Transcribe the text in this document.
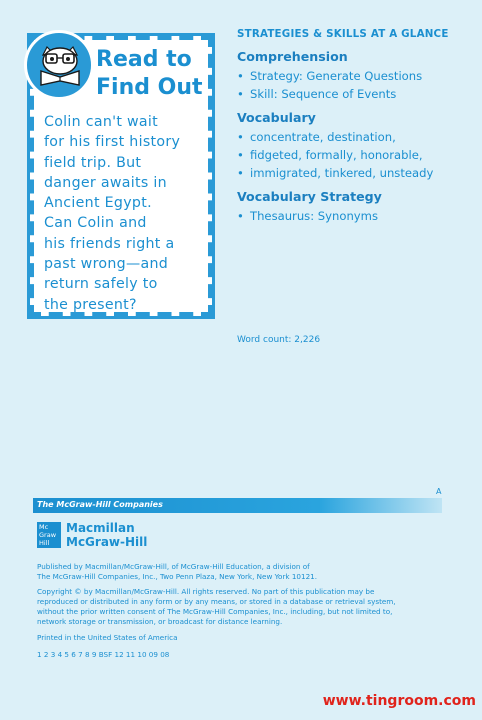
Read to
Find Out
Colin can't wait
for his first history
field trip. But
danger awaits in
Ancient Egypt.
Can Colin and
his friends right a
past wrong—and
return safely to
the present?
STRATEGIES & SKILLS AT A GLANCE
Comprehension
• Strategy: Generate Questions
• Skill: Sequence of Events
Vocabulary
• concentrate, destination,
• fidgeted, formally, honorable,
• immigrated, tinkered, unsteady
Vocabulary Strategy
• Thesaurus: Synonyms
Word count: 2,226
A
The McGraw-Hill Companies
Mc
Graw
Hill
Macmillan
McGraw-Hill
Published by Macmillan/McGraw-Hill, of McGraw-Hill Education, a division of
The McGraw-Hill Companies, Inc., Two Penn Plaza, New York, New York 10121.
Copyright © by Macmillan/McGraw-Hill. All rights reserved. No part of this publication may be
reproduced or distributed in any form or by any means, or stored in a database or retrieval system,
without the prior written consent of The McGraw-Hill Companies, Inc., including, but not limited to,
network storage or transmission, or broadcast for distance learning.
Printed in the United States of America
1 2 3 4 5 6 7 8 9 BSF 12 11 10 09 08
www.tingroom.com
